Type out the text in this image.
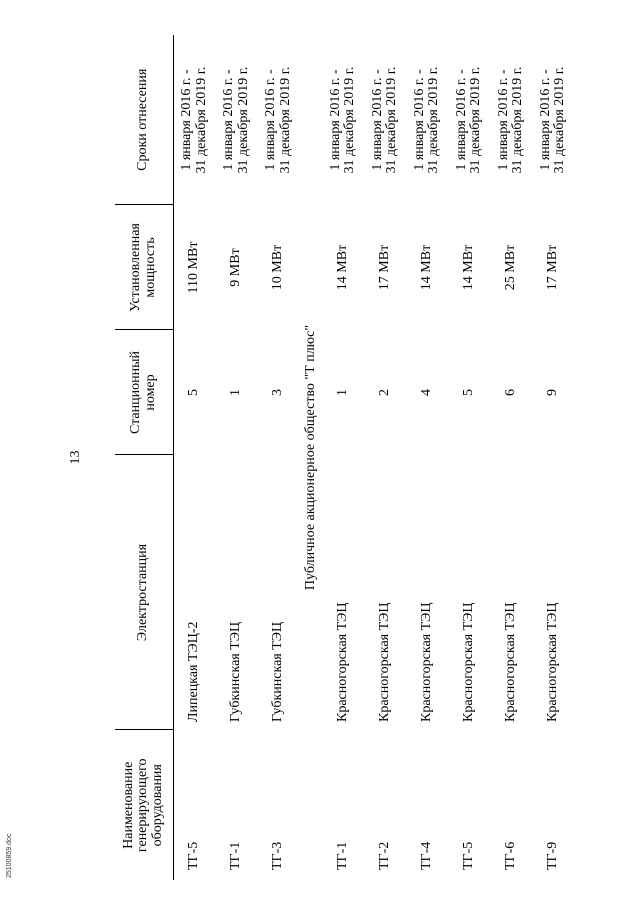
13
Наименование генерирующего оборудования	Электростанция	Станционный номер	Установленная мощность	Сроки отнесения
ТГ-5	Липецкая ТЭЦ-2	5	110 МВт	1 января 2016 г. -
31 декабря 2019 г.
ТГ-1	Губкинская ТЭЦ	1	9 МВт	1 января 2016 г. -
31 декабря 2019 г.
ТГ-3	Губкинская ТЭЦ	3	10 МВт	1 января 2016 г. -
31 декабря 2019 г.
Публичное акционерное общество "Т плюс"				
ТГ-1	Красногорская ТЭЦ	1	14 МВт	1 января 2016 г. -
31 декабря 2019 г.
ТГ-2	Красногорская ТЭЦ	2	17 МВт	1 января 2016 г. -
31 декабря 2019 г.
ТГ-4	Красногорская ТЭЦ	4	14 МВт	1 января 2016 г. -
31 декабря 2019 г.
ТГ-5	Красногорская ТЭЦ	5	14 МВт	1 января 2016 г. -
31 декабря 2019 г.
ТГ-6	Красногорская ТЭЦ	6	25 МВт	1 января 2016 г. -
31 декабря 2019 г.
ТГ-9	Красногорская ТЭЦ	9	17 МВт	1 января 2016 г. -
31 декабря 2019 г.
25100859.doc
